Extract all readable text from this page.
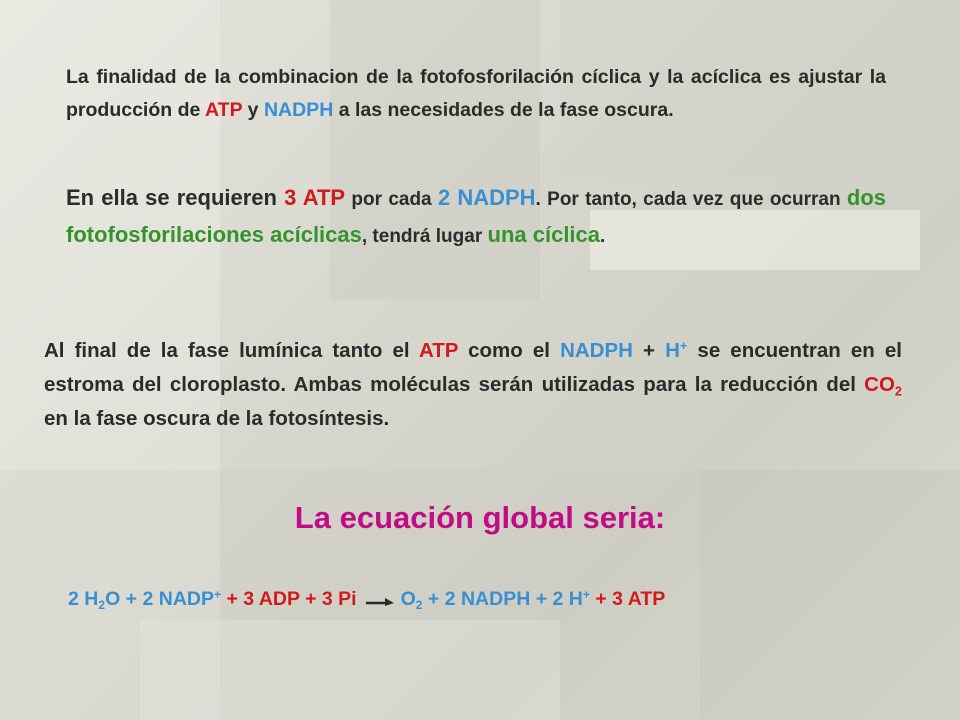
La finalidad de la combinacion de la fotofosforilación cíclica y la acíclica es ajustar la producción de ATP y NADPH a las necesidades de la fase oscura.
En ella se requieren 3 ATP por cada 2 NADPH. Por tanto, cada vez que ocurran dos fotofosforilaciones acíclicas, tendrá lugar una cíclica.
Al final de la fase lumínica tanto el ATP como el NADPH + H+ se encuentran en el estroma del cloroplasto. Ambas moléculas serán utilizadas para la reducción del $CO_2$ en la fase oscura de la fotosíntesis.
La ecuación global seria:
2 $H_2O + 2$ NADP+ + 3 ADP + 3 Pi $O_2 + 2$ NADPH + 2 H+ + 3 ATP
